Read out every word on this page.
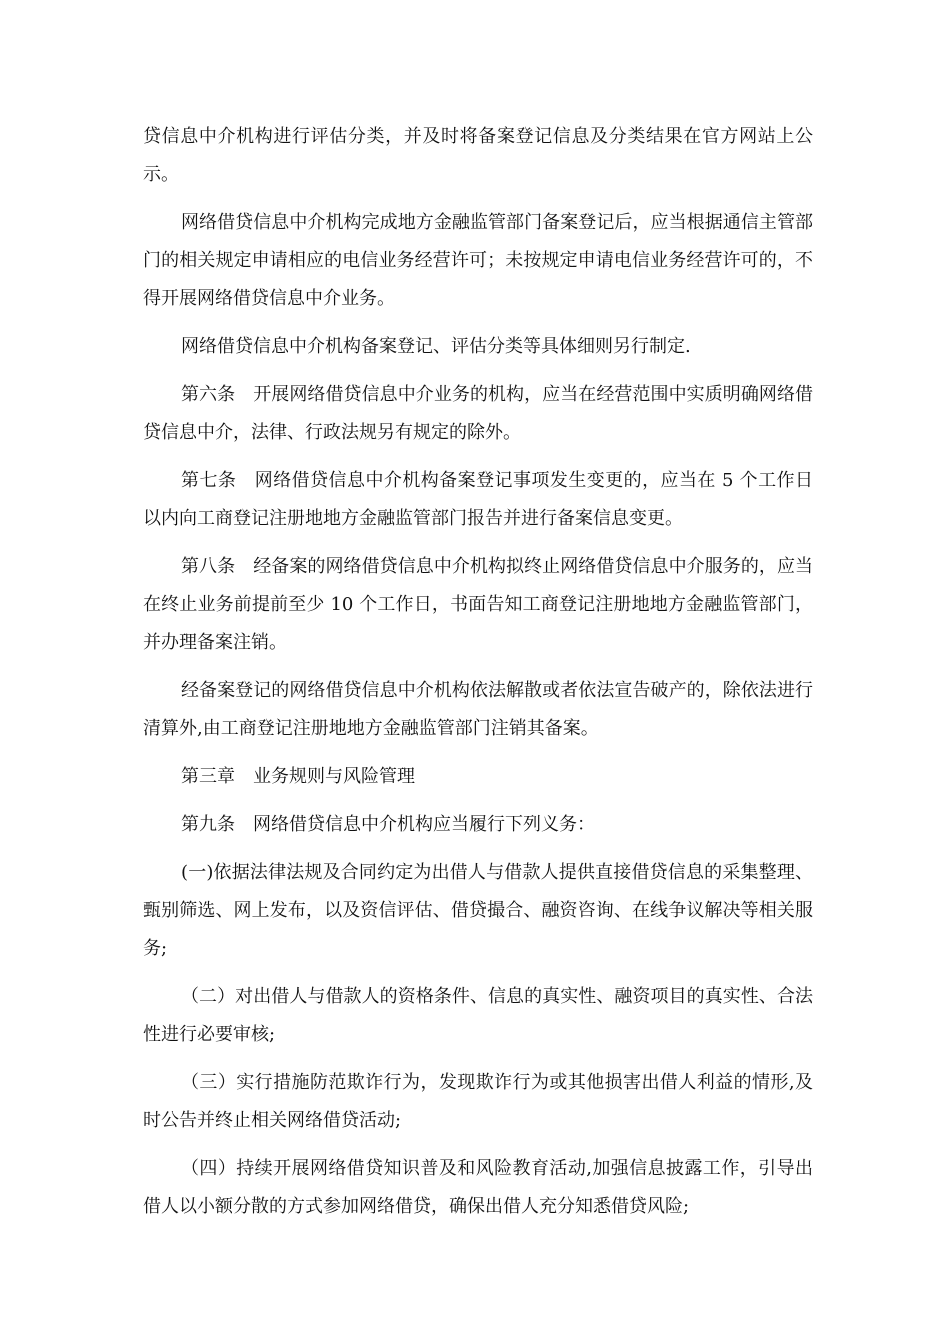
贷信息中介机构进行评估分类，并及时将备案登记信息及分类结果在官方网站上公示。

网络借贷信息中介机构完成地方金融监管部门备案登记后，应当根据通信主管部门的相关规定申请相应的电信业务经营许可；未按规定申请电信业务经营许可的，不得开展网络借贷信息中介业务。

网络借贷信息中介机构备案登记、评估分类等具体细则另行制定.

第六条　开展网络借贷信息中介业务的机构，应当在经营范围中实质明确网络借贷信息中介，法律、行政法规另有规定的除外。

第七条　网络借贷信息中介机构备案登记事项发生变更的，应当在 5 个工作日以内向工商登记注册地地方金融监管部门报告并进行备案信息变更。

第八条　经备案的网络借贷信息中介机构拟终止网络借贷信息中介服务的，应当在终止业务前提前至少 10 个工作日，书面告知工商登记注册地地方金融监管部门，并办理备案注销。

经备案登记的网络借贷信息中介机构依法解散或者依法宣告破产的，除依法进行清算外,由工商登记注册地地方金融监管部门注销其备案。

第三章　业务规则与风险管理

第九条　网络借贷信息中介机构应当履行下列义务：

(一)依据法律法规及合同约定为出借人与借款人提供直接借贷信息的采集整理、甄别筛选、网上发布，以及资信评估、借贷撮合、融资咨询、在线争议解决等相关服务;

（二）对出借人与借款人的资格条件、信息的真实性、融资项目的真实性、合法性进行必要审核;

（三）实行措施防范欺诈行为，发现欺诈行为或其他损害出借人利益的情形,及时公告并终止相关网络借贷活动;

（四）持续开展网络借贷知识普及和风险教育活动,加强信息披露工作，引导出借人以小额分散的方式参加网络借贷，确保出借人充分知悉借贷风险;
